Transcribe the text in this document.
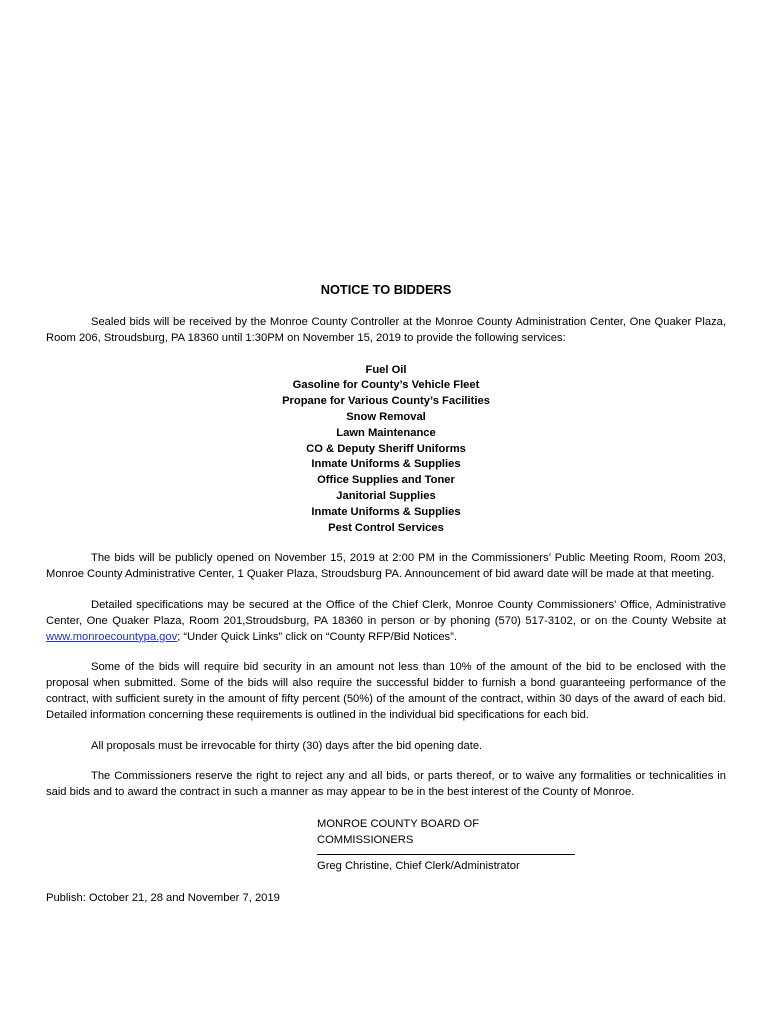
NOTICE TO BIDDERS

Sealed bids will be received by the Monroe County Controller at the Monroe County Administration Center, One Quaker Plaza, Room 206, Stroudsburg, PA 18360 until 1:30PM on November 15, 2019 to provide the following services:

Fuel Oil
Gasoline for County’s Vehicle Fleet
Propane for Various County’s Facilities
Snow Removal
Lawn Maintenance
CO & Deputy Sheriff Uniforms
Inmate Uniforms & Supplies
Office Supplies and Toner
Janitorial Supplies
Inmate Uniforms & Supplies
Pest Control Services

The bids will be publicly opened on November 15, 2019 at 2:00 PM in the Commissioners’ Public Meeting Room, Room 203, Monroe County Administrative Center, 1 Quaker Plaza, Stroudsburg PA. Announcement of bid award date will be made at that meeting.

Detailed specifications may be secured at the Office of the Chief Clerk, Monroe County Commissioners’ Office, Administrative Center, One Quaker Plaza, Room 201,Stroudsburg, PA 18360 in person or by phoning (570) 517-3102, or on the County Website at www.monroecountypa.gov; “Under Quick Links” click on “County RFP/Bid Notices”.

Some of the bids will require bid security in an amount not less than 10% of the amount of the bid to be enclosed with the proposal when submitted. Some of the bids will also require the successful bidder to furnish a bond guaranteeing performance of the contract, with sufficient surety in the amount of fifty percent (50%) of the amount of the contract, within 30 days of the award of each bid. Detailed information concerning these requirements is outlined in the individual bid specifications for each bid.

All proposals must be irrevocable for thirty (30) days after the bid opening date.

The Commissioners reserve the right to reject any and all bids, or parts thereof, or to waive any formalities or technicalities in said bids and to award the contract in such a manner as may appear to be in the best interest of the County of Monroe.

MONROE COUNTY BOARD OF COMMISSIONERS
Greg Christine, Chief Clerk/Administrator
Publish: October 21, 28 and November 7, 2019
